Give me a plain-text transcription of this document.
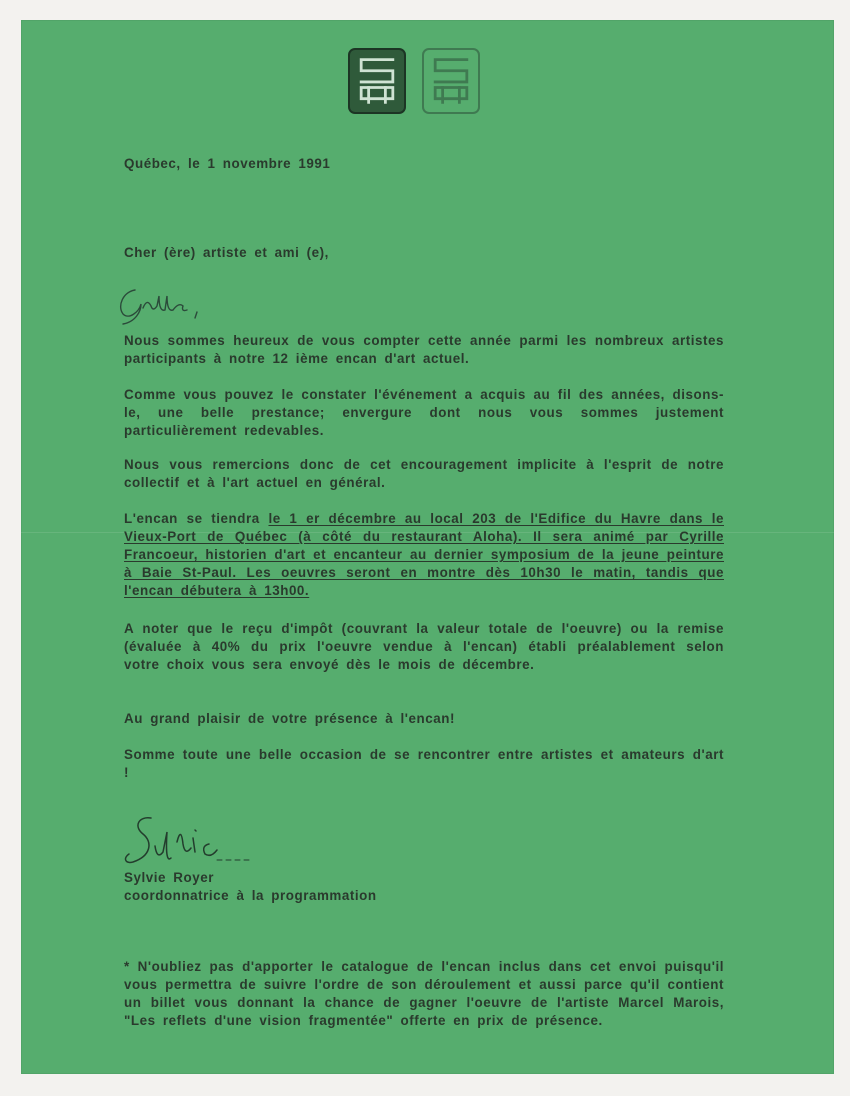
Québec, le 1 novembre 1991
Cher (ère) artiste et ami (e),
Nous sommes heureux de vous compter cette année parmi les nombreux artistes participants à notre 12 ième encan d'art actuel.
Comme vous pouvez le constater l'événement a acquis au fil des années, disons-le, une belle prestance; envergure dont nous vous sommes justement particulièrement redevables.
Nous vous remercions donc de cet encouragement implicite à l'esprit de notre collectif et à l'art actuel en général.
L'encan se tiendra le 1 er décembre au local 203 de l'Edifice du Havre dans le Vieux-Port de Québec (à côté du restaurant Aloha). Il sera animé par Cyrille Francoeur, historien d'art et encanteur au dernier symposium de la jeune peinture à Baie St-Paul. Les oeuvres seront en montre dès 10h30 le matin, tandis que l'encan débutera à 13h00.
A noter que le reçu d'impôt (couvrant la valeur totale de l'oeuvre) ou la remise (évaluée à 40% du prix l'oeuvre vendue à l'encan) établi préalablement selon votre choix vous sera envoyé dès le mois de décembre.
Au grand plaisir de votre présence à l'encan!
Somme toute une belle occasion de se rencontrer entre artistes et amateurs d'art !
Sylvie Royer
coordonnatrice à la programmation
* N'oubliez pas d'apporter le catalogue de l'encan inclus dans cet envoi puisqu'il vous permettra de suivre l'ordre de son déroulement et aussi parce qu'il contient un billet vous donnant la chance de gagner l'oeuvre de l'artiste Marcel Marois, "Les reflets d'une vision fragmentée" offerte en prix de présence.
